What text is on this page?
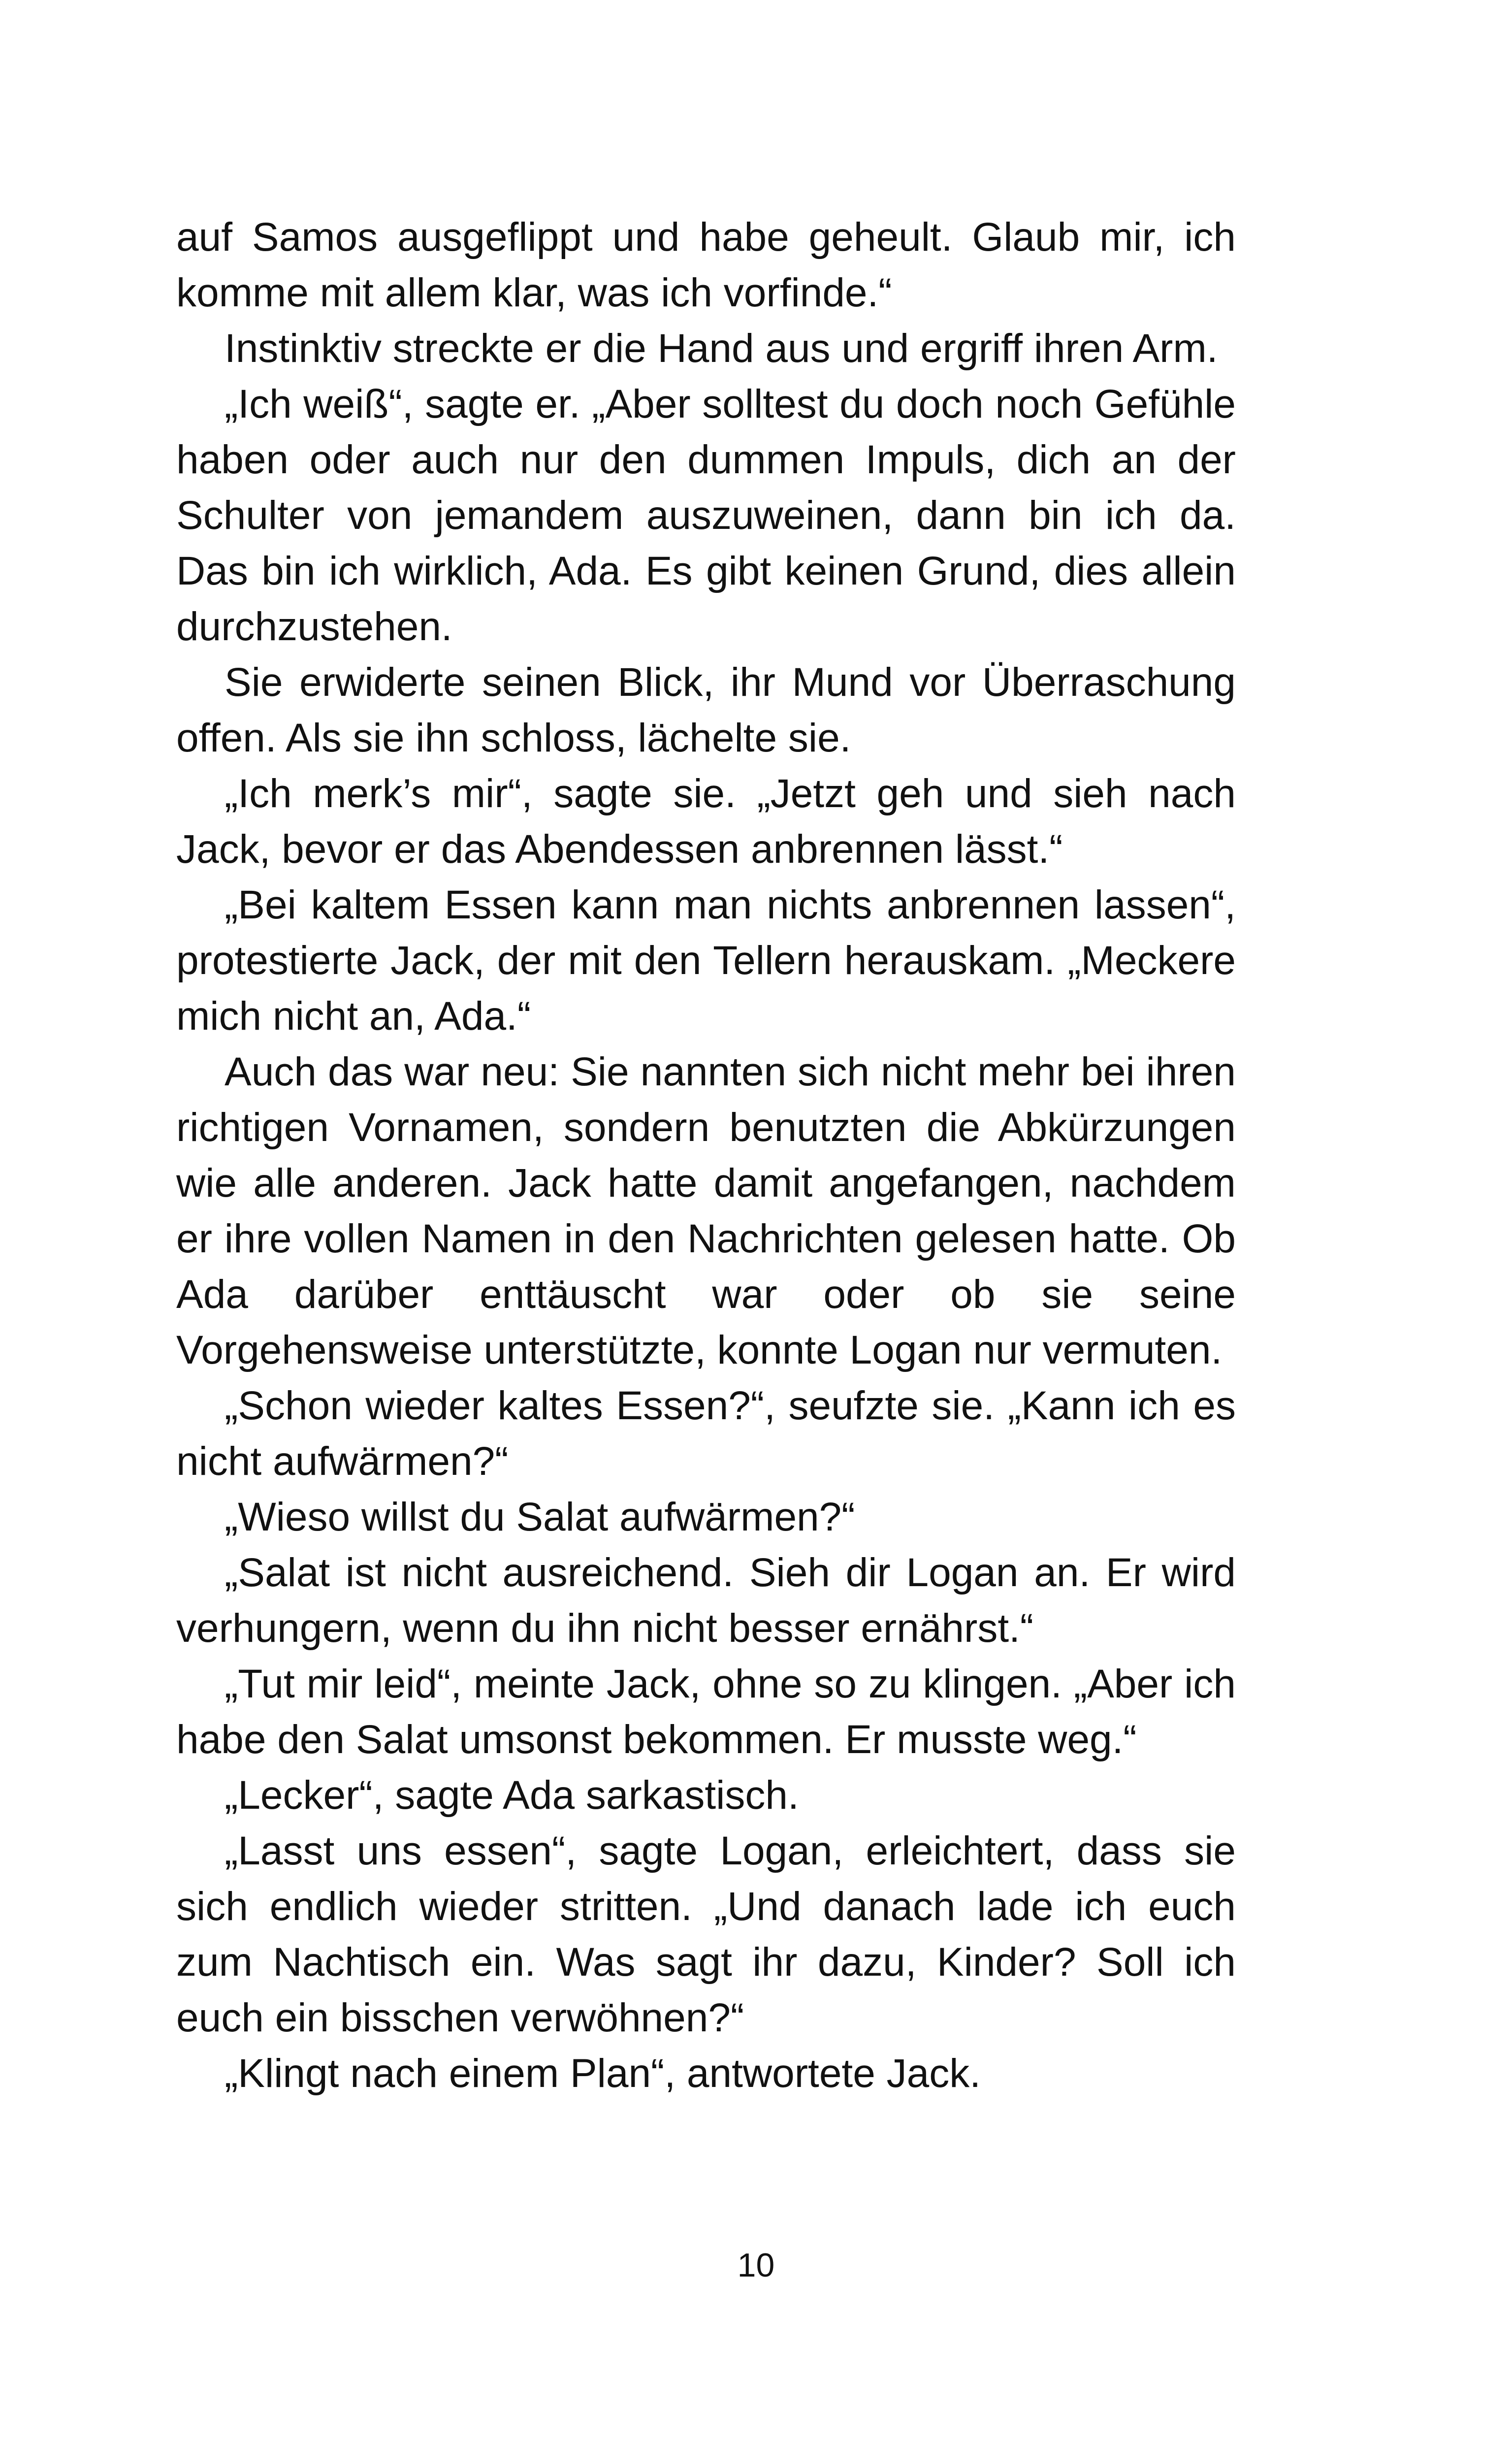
auf Samos ausgeflippt und habe geheult. Glaub mir, ich komme mit allem klar, was ich vorfinde.“

Instinktiv streckte er die Hand aus und ergriff ihren Arm.

„Ich weiß“, sagte er. „Aber solltest du doch noch Gefühle haben oder auch nur den dummen Impuls, dich an der Schulter von jemandem auszuweinen, dann bin ich da. Das bin ich wirklich, Ada. Es gibt keinen Grund, dies allein durchzustehen.

Sie erwiderte seinen Blick, ihr Mund vor Überraschung offen. Als sie ihn schloss, lächelte sie.

„Ich merk’s mir“, sagte sie. „Jetzt geh und sieh nach Jack, bevor er das Abendessen anbrennen lässt.“

„Bei kaltem Essen kann man nichts anbrennen lassen“, protestierte Jack, der mit den Tellern herauskam. „Meckere mich nicht an, Ada.“

Auch das war neu: Sie nannten sich nicht mehr bei ihren richtigen Vornamen, sondern benutzten die Abkürzungen wie alle anderen. Jack hatte damit angefangen, nachdem er ihre vollen Namen in den Nachrichten gelesen hatte. Ob Ada darüber enttäuscht war oder ob sie seine Vorgehensweise unterstützte, konnte Logan nur vermuten.

„Schon wieder kaltes Essen?“, seufzte sie. „Kann ich es nicht aufwärmen?“

„Wieso willst du Salat aufwärmen?“

„Salat ist nicht ausreichend. Sieh dir Logan an. Er wird verhungern, wenn du ihn nicht besser ernährst.“

„Tut mir leid“, meinte Jack, ohne so zu klingen. „Aber ich habe den Salat umsonst bekommen. Er musste weg.“

„Lecker“, sagte Ada sarkastisch.

„Lasst uns essen“, sagte Logan, erleichtert, dass sie sich endlich wieder stritten. „Und danach lade ich euch zum Nachtisch ein. Was sagt ihr dazu, Kinder? Soll ich euch ein bisschen verwöhnen?“

„Klingt nach einem Plan“, antwortete Jack.

10
